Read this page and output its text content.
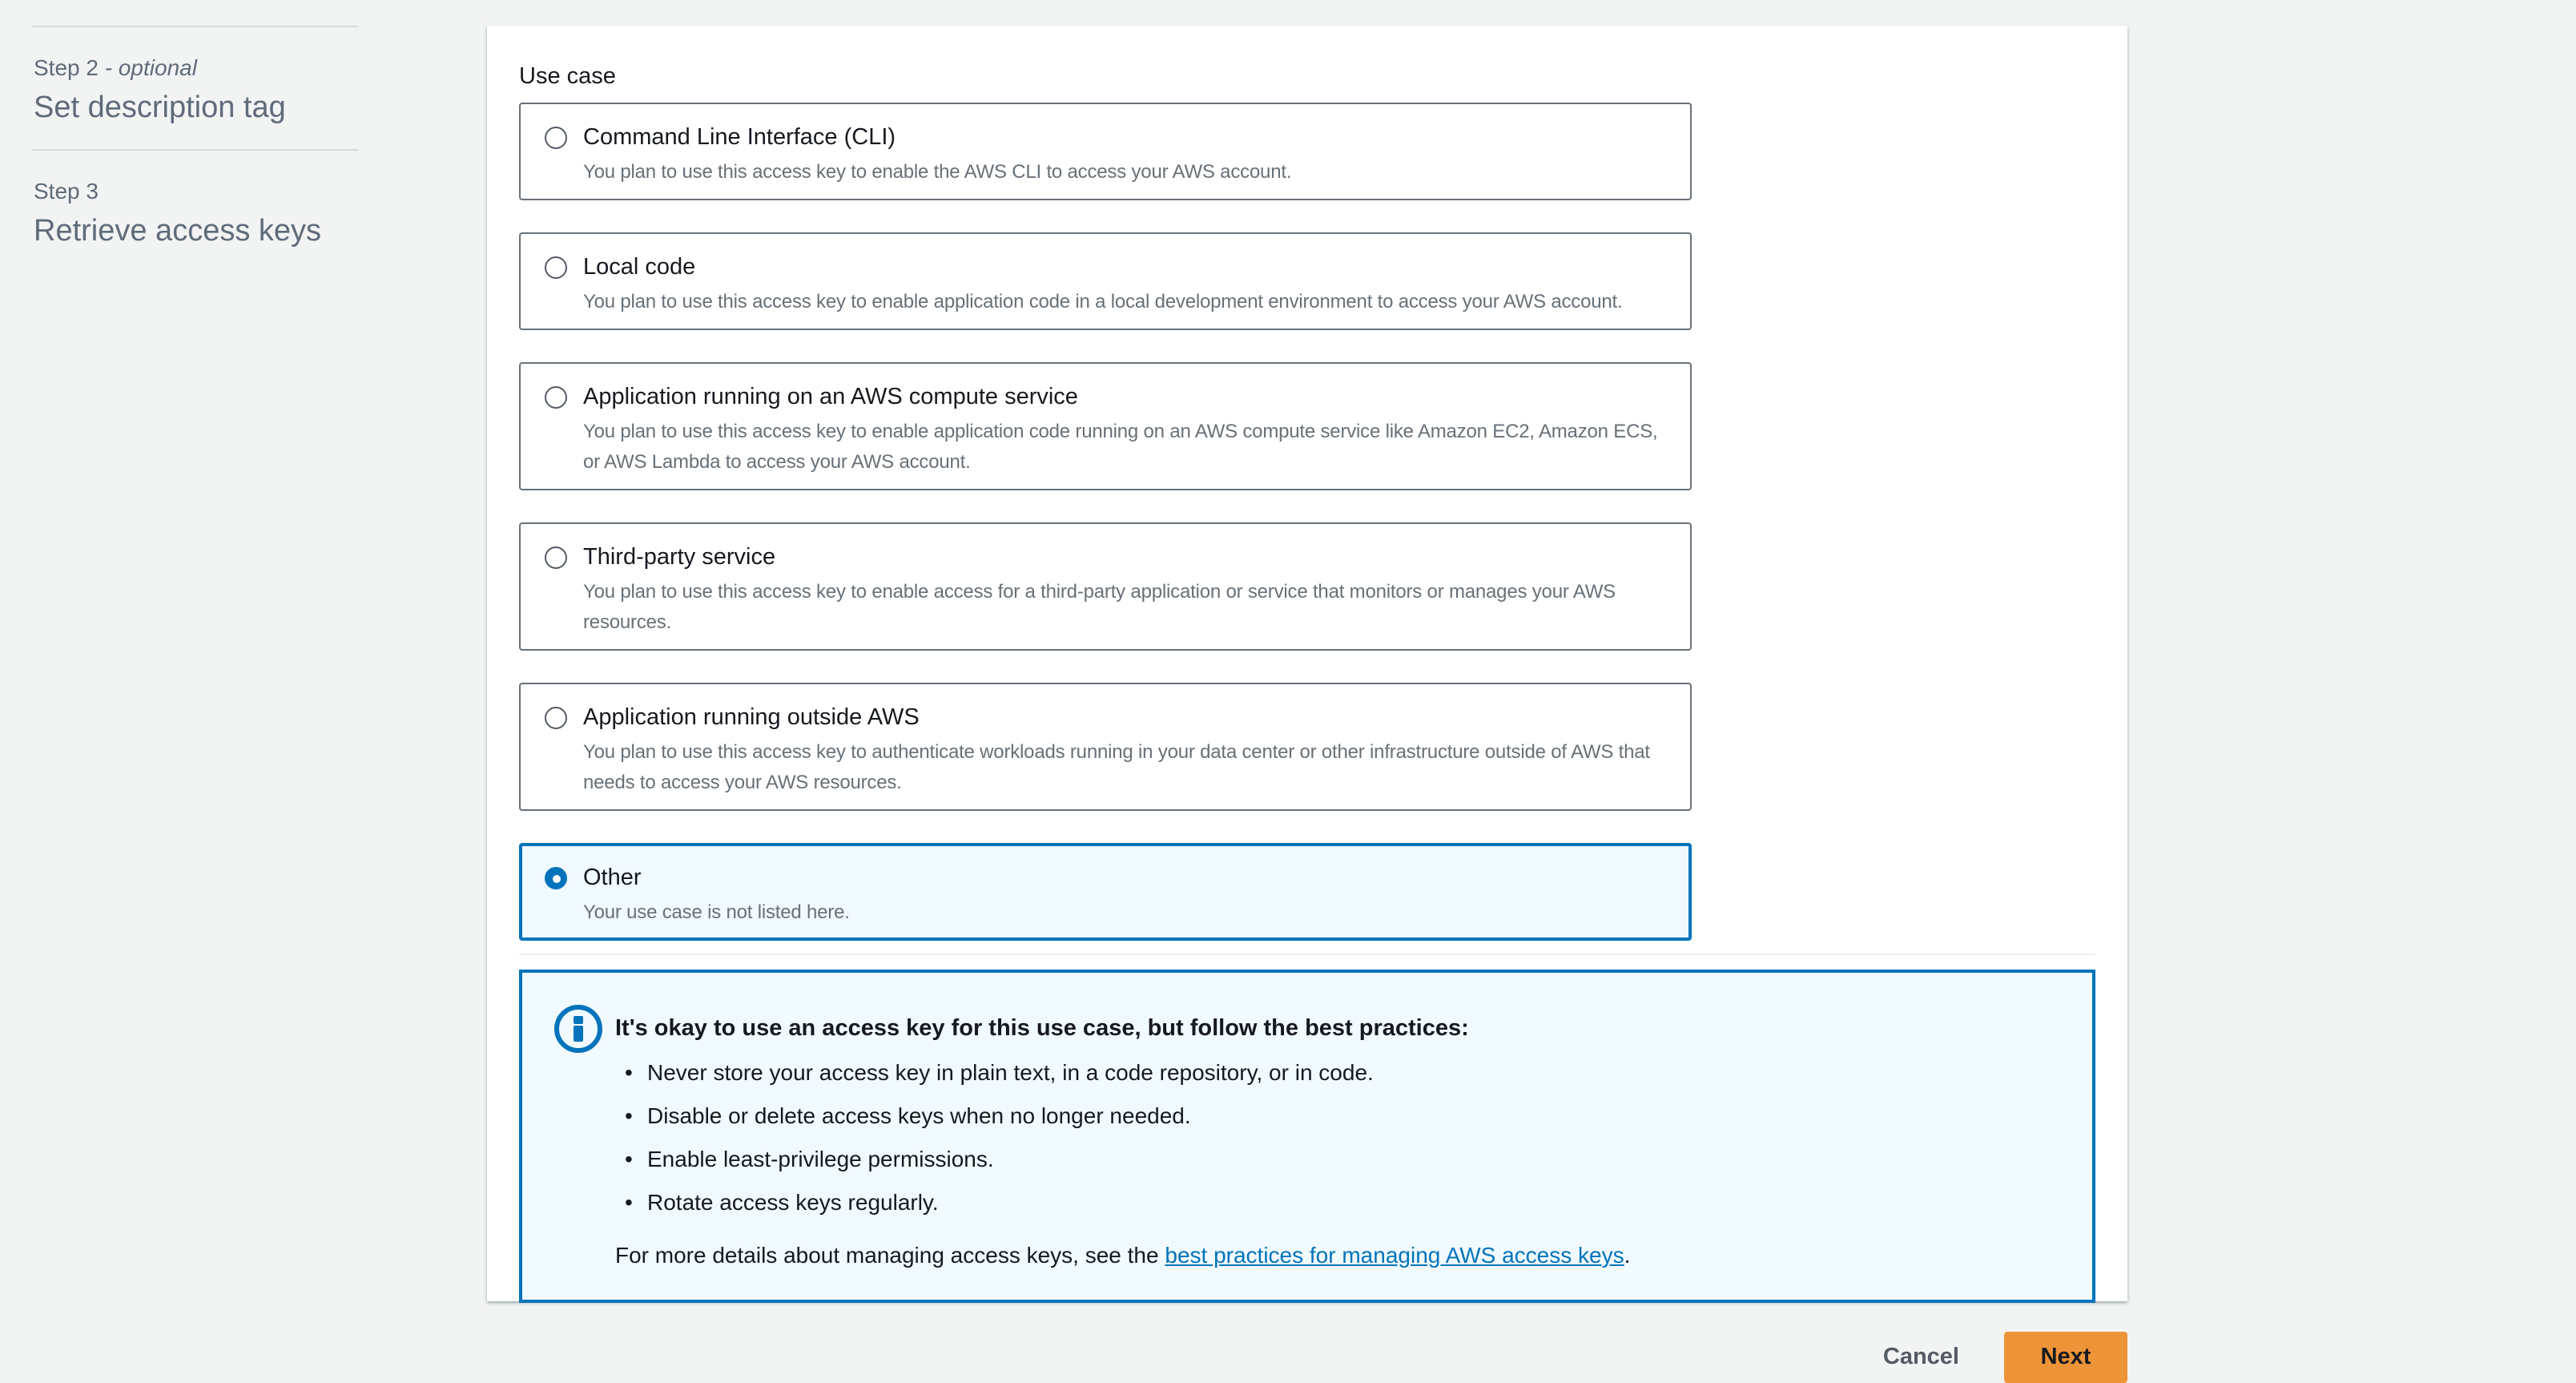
Step 2 - optional
Set description tag
Step 3
Retrieve access keys
Use case
Command Line Interface (CLI)
You plan to use this access key to enable the AWS CLI to access your AWS account.
Local code
You plan to use this access key to enable application code in a local development environment to access your AWS account.
Application running on an AWS compute service
You plan to use this access key to enable application code running on an AWS compute service like Amazon EC2, Amazon ECS, or AWS Lambda to access your AWS account.
Third-party service
You plan to use this access key to enable access for a third-party application or service that monitors or manages your AWS resources.
Application running outside AWS
You plan to use this access key to authenticate workloads running in your data center or other infrastructure outside of AWS that needs to access your AWS resources.
Other
Your use case is not listed here.
It's okay to use an access key for this use case, but follow the best practices:
• Never store your access key in plain text, in a code repository, or in code.
• Disable or delete access keys when no longer needed.
• Enable least-privilege permissions.
• Rotate access keys regularly.
For more details about managing access keys, see the best practices for managing AWS access keys.
Cancel	Next
